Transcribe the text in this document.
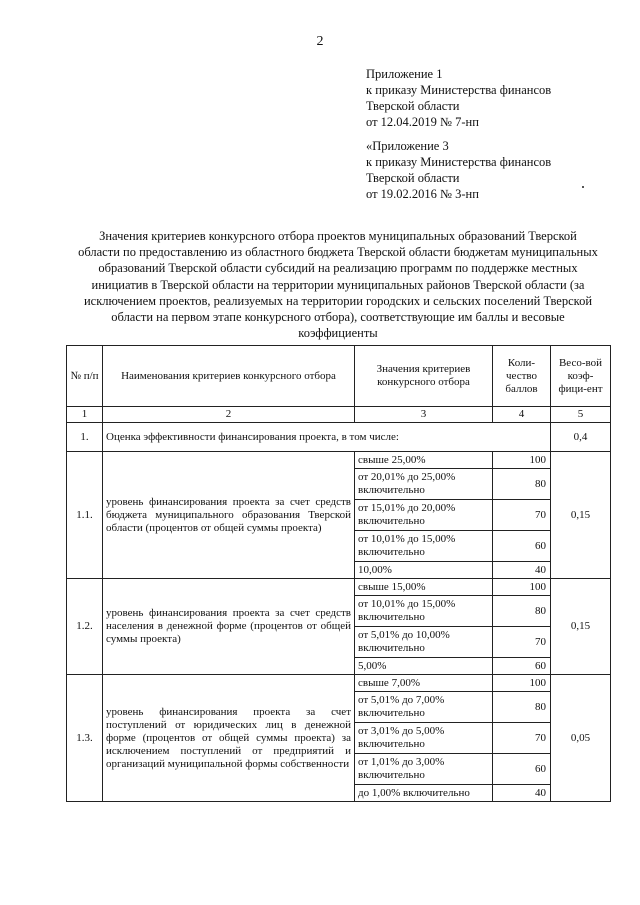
2
Приложение 1
к приказу Министерства финансов
Тверской области
от 12.04.2019 № 7-нп
«Приложение 3
к приказу Министерства финансов
Тверской области
от 19.02.2016 № 3-нп
Значения критериев конкурсного отбора проектов муниципальных образований Тверской области по предоставлению из областного бюджета Тверской области бюджетам муниципальных образований Тверской области субсидий на реализацию программ по поддержке местных инициатив в Тверской области на территории муниципальных районов Тверской области (за исключением проектов, реализуемых на территории городских и сельских поселений Тверской области на первом этапе конкурсного отбора), соответствующие им баллы и весовые коэффициенты
№ п/п	Наименования критериев конкурсного отбора	Значения критериев конкурсного отбора	Коли-чество баллов	Весо-вой коэф-фици-ент
1	2	3	4	5
1.	Оценка эффективности финансирования проекта, в том числе:			0,4
1.1.	уровень финансирования проекта за счет средств бюджета муниципального образования Тверской области (процентов от общей суммы проекта)	свыше 25,00%	100	0,15
		от 20,01% до 25,00% включительно	80	
		от 15,01% до 20,00% включительно	70	
		от 10,01% до 15,00% включительно	60	
		10,00%	40	
1.2.	уровень финансирования проекта за счет средств населения в денежной форме (процентов от общей суммы проекта)	свыше 15,00%	100	0,15
		от 10,01% до 15,00% включительно	80	
		от 5,01% до 10,00% включительно	70	
		5,00%	60	
1.3.	уровень финансирования проекта за счет поступлений от юридических лиц в денежной форме (процентов от общей суммы проекта) за исключением поступлений от предприятий и организаций муниципальной формы собственности	свыше 7,00%	100	0,05
		от 5,01% до 7,00% включительно	80	
		от 3,01% до 5,00% включительно	70	
		от 1,01% до 3,00% включительно	60	
		до 1,00% включительно	40	
